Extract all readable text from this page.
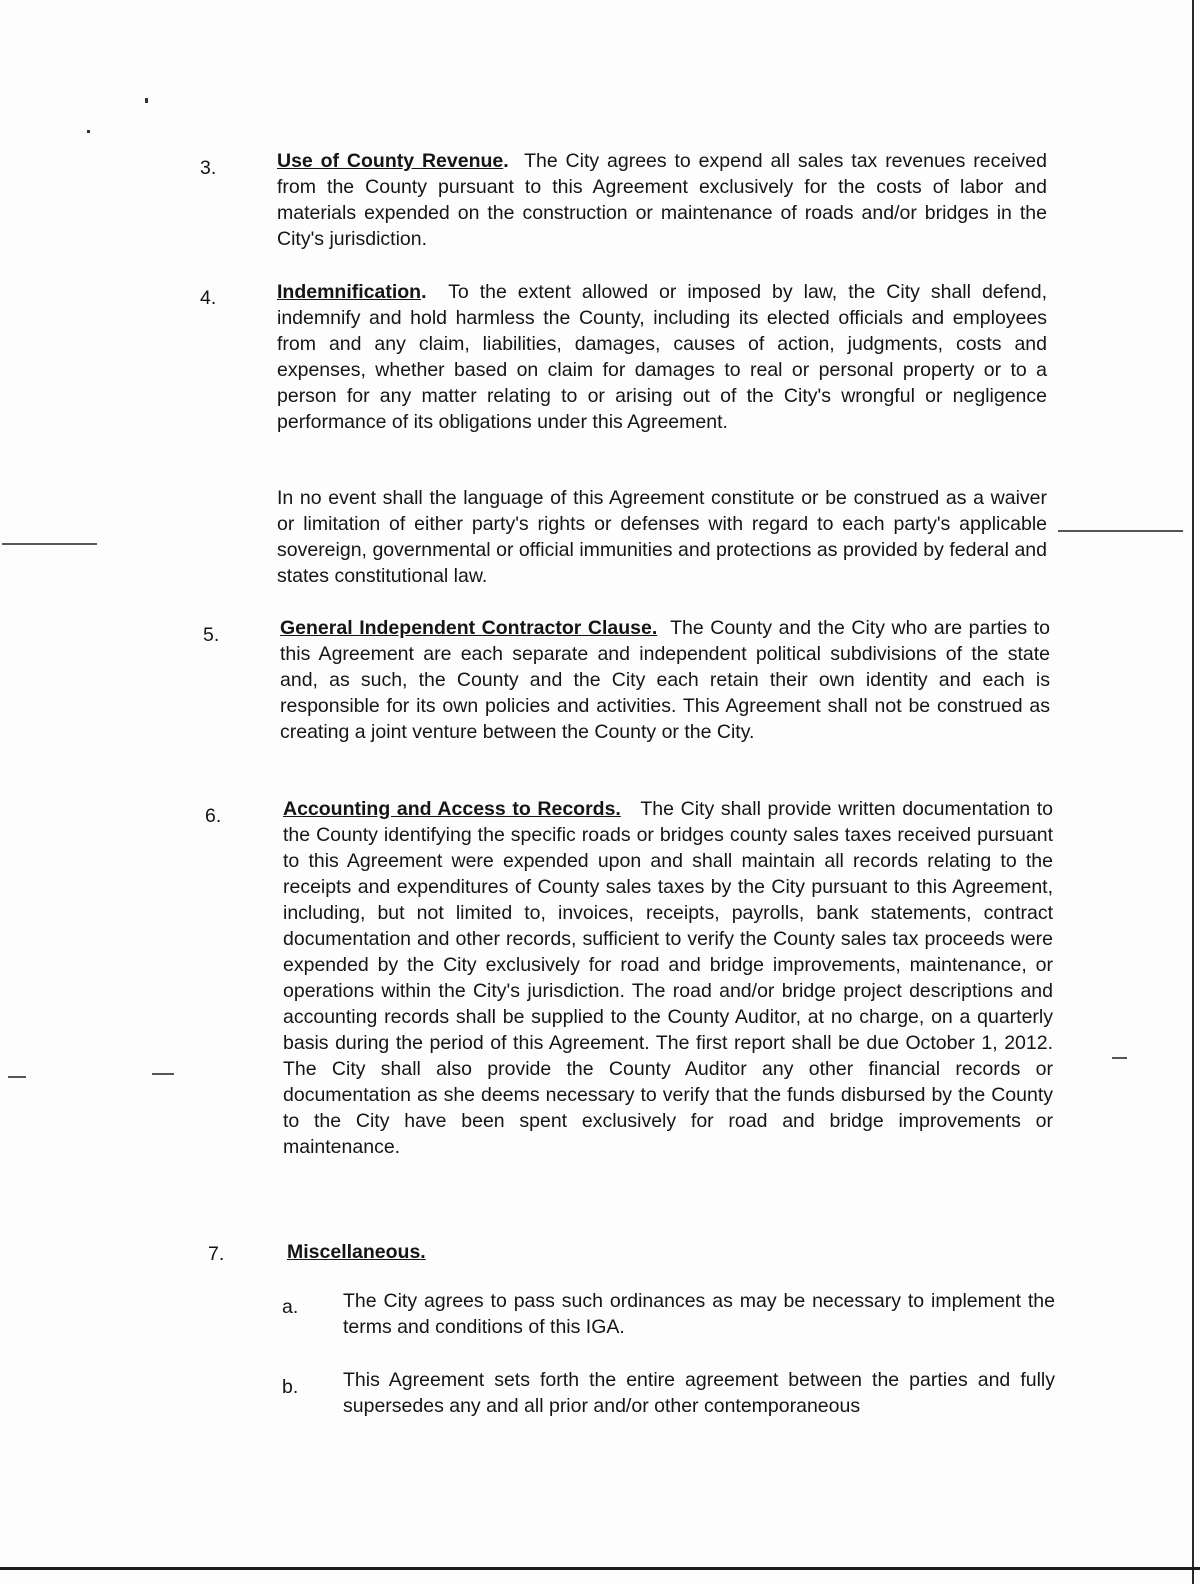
3.	Use of County Revenue. The City agrees to expend all sales tax revenues received from the County pursuant to this Agreement exclusively for the costs of labor and materials expended on the construction or maintenance of roads and/or bridges in the City's jurisdiction.

4.	Indemnification. To the extent allowed or imposed by law, the City shall defend, indemnify and hold harmless the County, including its elected officials and employees from and any claim, liabilities, damages, causes of action, judgments, costs and expenses, whether based on claim for damages to real or personal property or to a person for any matter relating to or arising out of the City's wrongful or negligence performance of its obligations under this Agreement.

In no event shall the language of this Agreement constitute or be construed as a waiver or limitation of either party's rights or defenses with regard to each party's applicable sovereign, governmental or official immunities and protections as provided by federal and states constitutional law.

5.	General Independent Contractor Clause. The County and the City who are parties to this Agreement are each separate and independent political subdivisions of the state and, as such, the County and the City each retain their own identity and each is responsible for its own policies and activities. This Agreement shall not be construed as creating a joint venture between the County or the City.

6.	Accounting and Access to Records. The City shall provide written documentation to the County identifying the specific roads or bridges county sales taxes received pursuant to this Agreement were expended upon and shall maintain all records relating to the receipts and expenditures of County sales taxes by the City pursuant to this Agreement, including, but not limited to, invoices, receipts, payrolls, bank statements, contract documentation and other records, sufficient to verify the County sales tax proceeds were expended by the City exclusively for road and bridge improvements, maintenance, or operations within the City's jurisdiction. The road and/or bridge project descriptions and accounting records shall be supplied to the County Auditor, at no charge, on a quarterly basis during the period of this Agreement. The first report shall be due October 1, 2012. The City shall also provide the County Auditor any other financial records or documentation as she deems necessary to verify that the funds disbursed by the County to the City have been spent exclusively for road and bridge improvements or maintenance.

7.	Miscellaneous.
a. The City agrees to pass such ordinances as may be necessary to implement the terms and conditions of this IGA.

b. This Agreement sets forth the entire agreement between the parties and fully supersedes any and all prior and/or other contemporaneous
